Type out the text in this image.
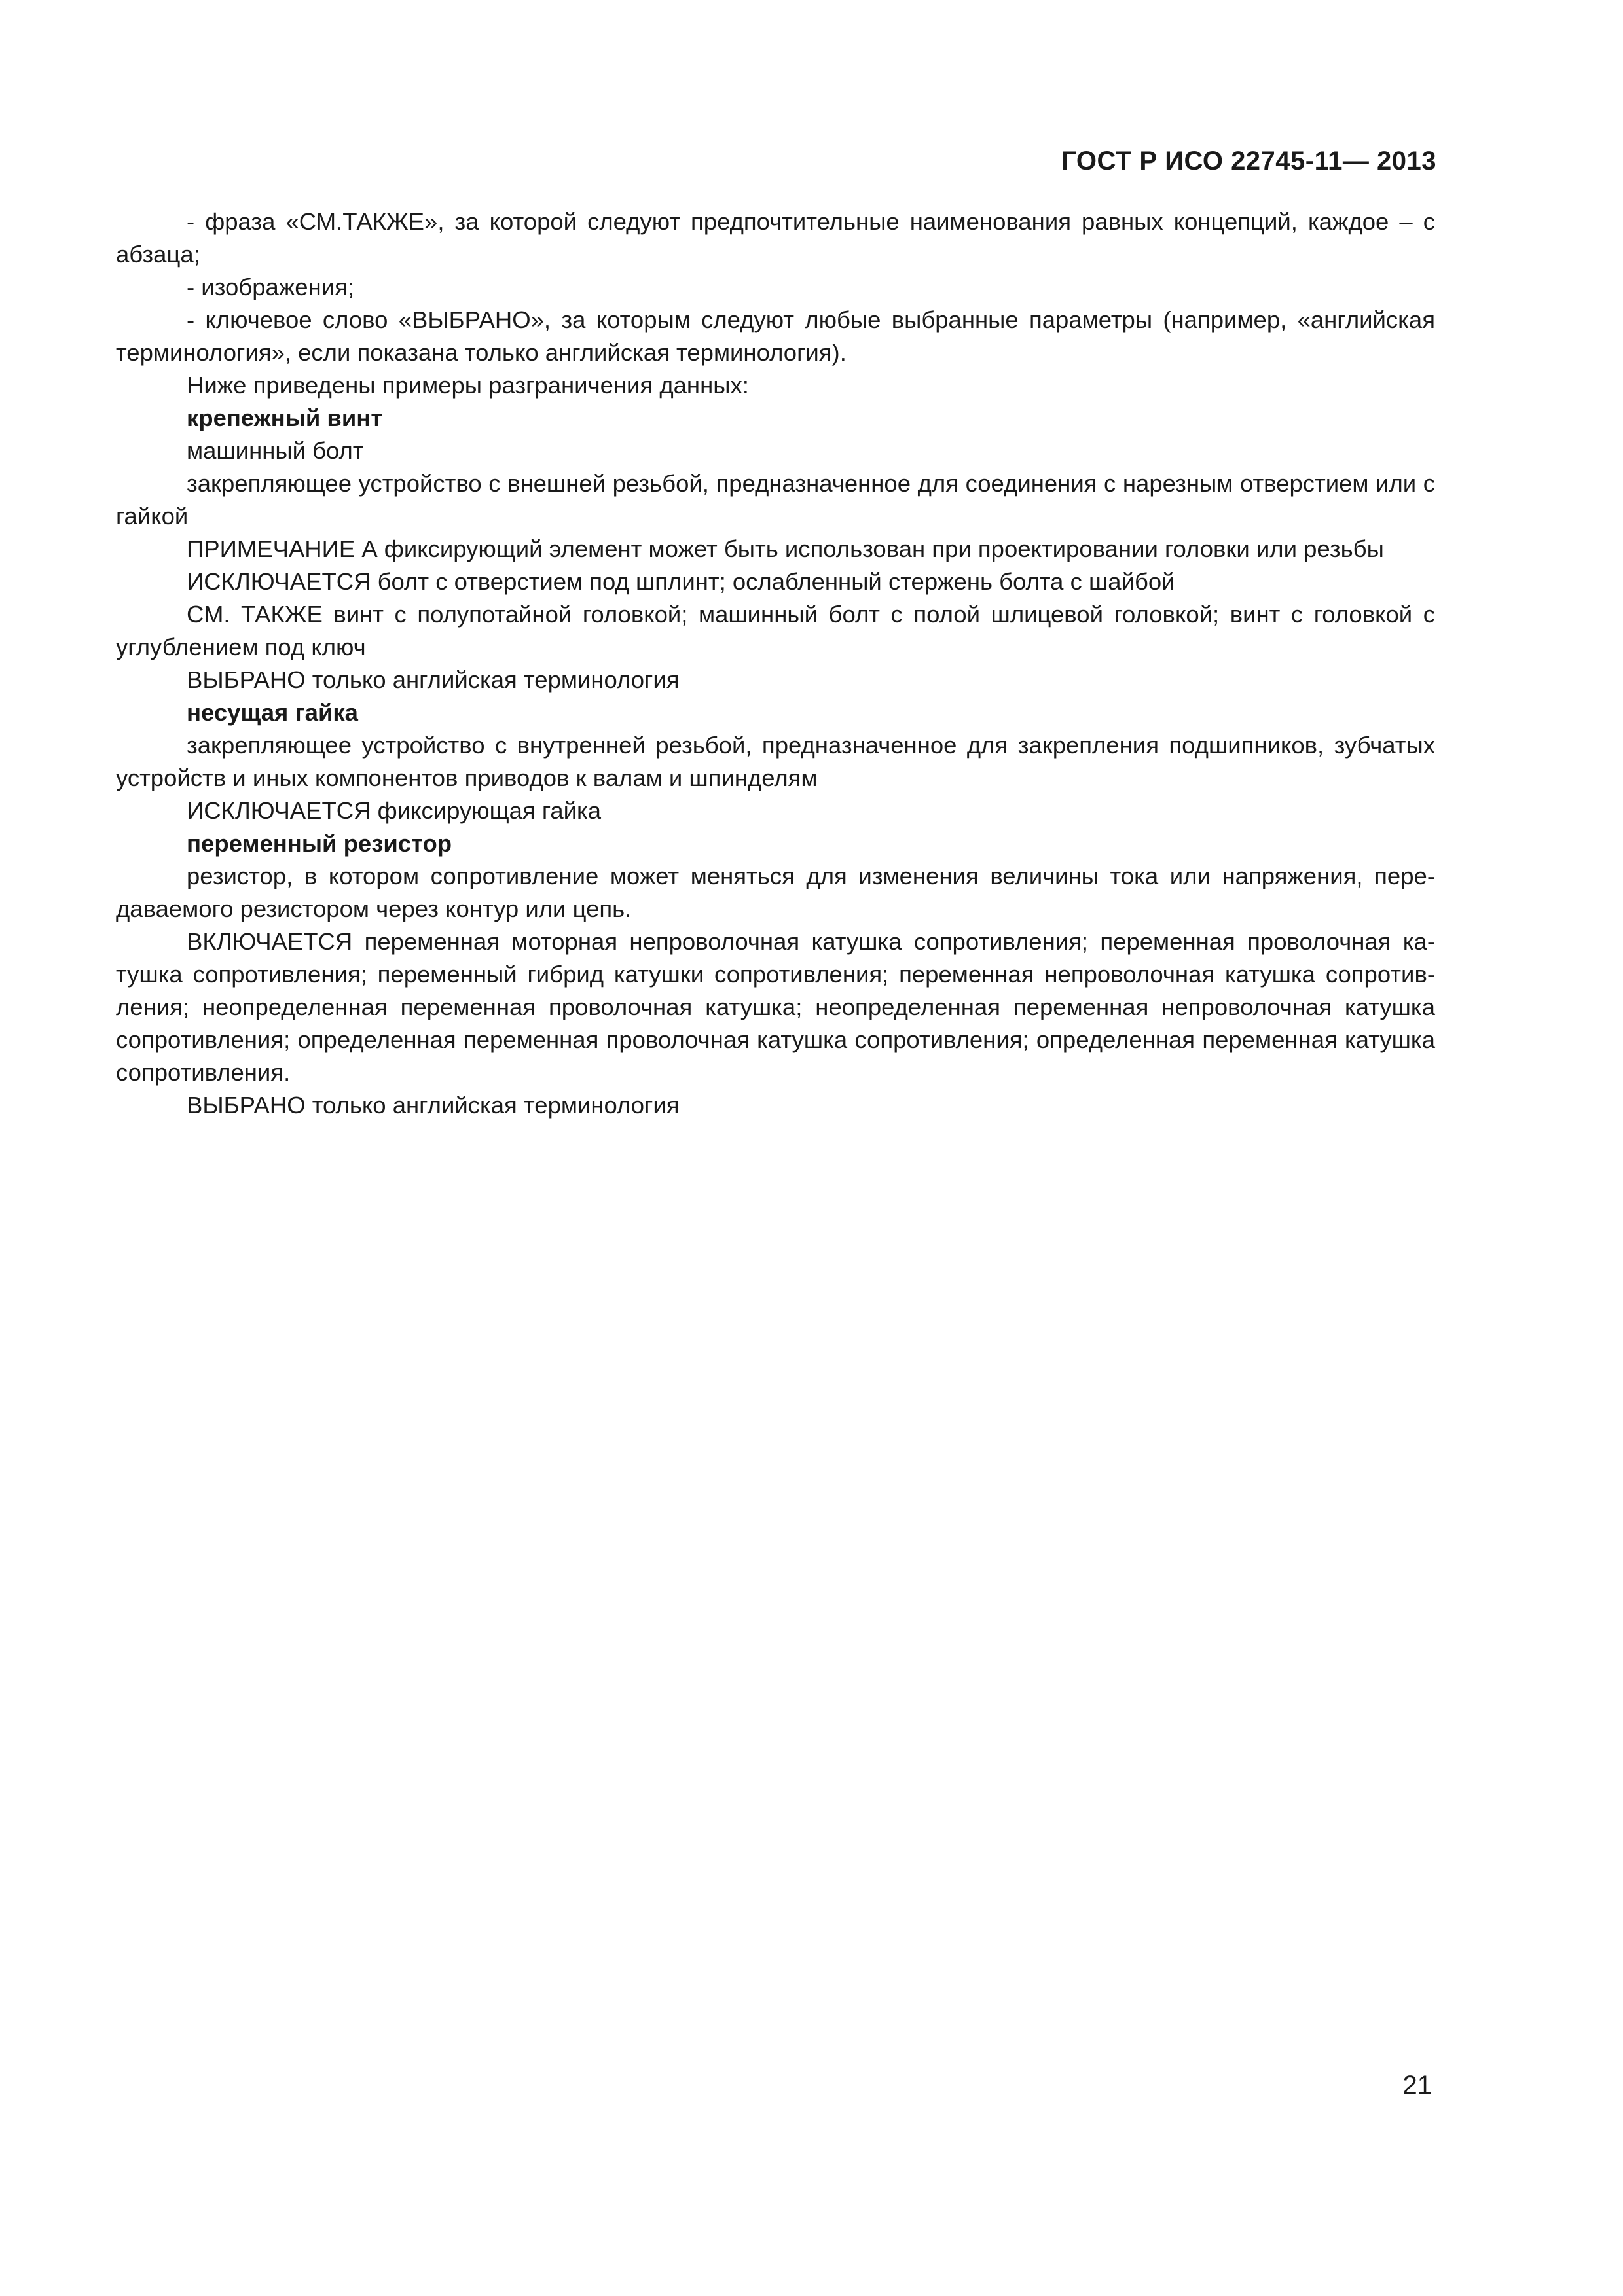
ГОСТ Р ИСО 22745-11— 2013

- фраза «СМ.ТАКЖЕ», за которой следуют предпочтительные наименования равных концепций, каждое – с абзаца;

- изображения;

- ключевое слово «ВЫБРАНО», за которым следуют любые выбранные параметры (например, «английская терминология», если показана только английская терминология).

Ниже приведены примеры разграничения данных:

крепежный винт

машинный болт

закрепляющее устройство с внешней резьбой, предназначенное для соединения с нарезным отверстием или с гайкой

ПРИМЕЧАНИЕ А фиксирующий элемент может быть использован при проектировании головки или резьбы

ИСКЛЮЧАЕТСЯ болт с отверстием под шплинт; ослабленный стержень болта с шайбой

СМ. ТАКЖЕ винт с полупотайной головкой; машинный болт с полой шлицевой головкой; винт с головкой с углублением под ключ

ВЫБРАНО только английская терминология

несущая гайка

закрепляющее устройство с внутренней резьбой, предназначенное для закрепления подшипников, зубчатых устройств и иных компонентов приводов к валам и шпинделям

ИСКЛЮЧАЕТСЯ фиксирующая гайка

переменный резистор

резистор, в котором сопротивление может меняться для изменения величины тока или напряжения, передаваемого резистором через контур или цепь.

ВКЛЮЧАЕТСЯ переменная моторная непроволочная катушка сопротивления; переменная проволочная катушка сопротивления; переменный гибрид катушки сопротивления; переменная непроволочная катушка сопротивления; неопределенная переменная проволочная катушка; неопределенная переменная непроволочная катушка сопротивления; определенная переменная проволочная катушка сопротивления; определенная переменная катушка сопротивления.

ВЫБРАНО только английская терминология

21
